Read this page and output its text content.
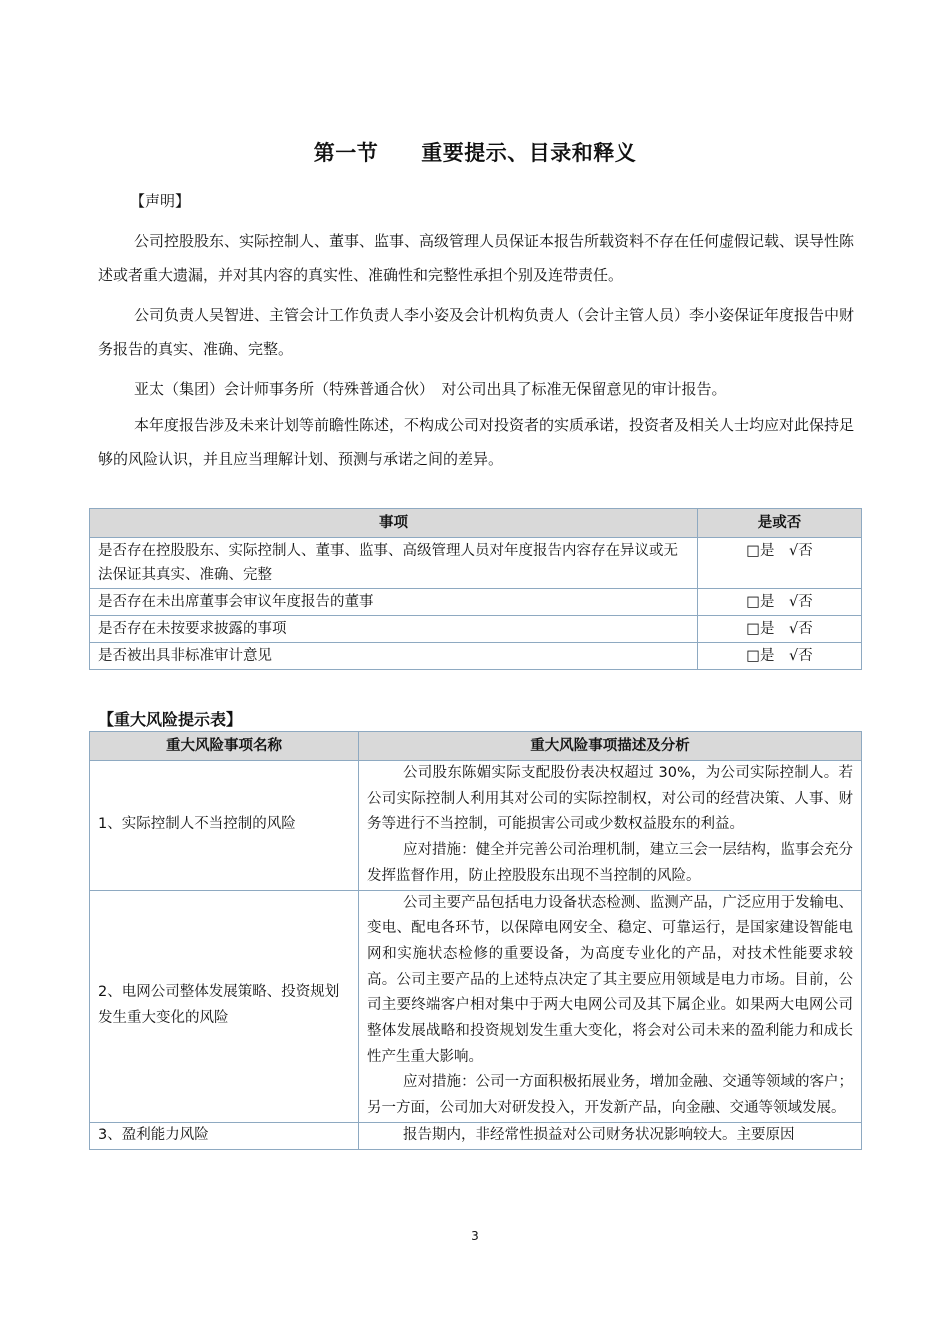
第一节　　重要提示、目录和释义
【声明】
公司控股股东、实际控制人、董事、监事、高级管理人员保证本报告所载资料不存在任何虚假记载、误导性陈述或者重大遗漏，并对其内容的真实性、准确性和完整性承担个别及连带责任。
公司负责人吴智进、主管会计工作负责人李小姿及会计机构负责人（会计主管人员）李小姿保证年度报告中财务报告的真实、准确、完整。
亚太（集团）会计师事务所（特殊普通合伙）　对公司出具了标准无保留意见的审计报告。
本年度报告涉及未来计划等前瞻性陈述，不构成公司对投资者的实质承诺，投资者及相关人士均应对此保持足够的风险认识，并且应当理解计划、预测与承诺之间的差异。
事项	是或否
是否存在控股股东、实际控制人、董事、监事、高级管理人员对年度报告内容存在异议或无法保证其真实、准确、完整	□是　√否
是否存在未出席董事会审议年度报告的董事	□是　√否
是否存在未按要求披露的事项	□是　√否
是否被出具非标准审计意见	□是　√否
【重大风险提示表】
重大风险事项名称	重大风险事项描述及分析
1、实际控制人不当控制的风险	公司股东陈媚实际支配股份表决权超过 30%，为公司实际控制人。若公司实际控制人利用其对公司的实际控制权，对公司的经营决策、人事、财务等进行不当控制，可能损害公司或少数权益股东的利益。

应对措施：健全并完善公司治理机制，建立三会一层结构，监事会充分发挥监督作用，防止控股股东出现不当控制的风险。

2、电网公司整体发展策略、投资规划发生重大变化的风险	公司主要产品包括电力设备状态检测、监测产品，广泛应用于发输电、变电、配电各环节，以保障电网安全、稳定、可靠运行，是国家建设智能电网和实施状态检修的重要设备，为高度专业化的产品，对技术性能要求较高。公司主要产品的上述特点决定了其主要应用领域是电力市场。目前，公司主要终端客户相对集中于两大电网公司及其下属企业。如果两大电网公司整体发展战略和投资规划发生重大变化，将会对公司未来的盈利能力和成长性产生重大影响。

应对措施：公司一方面积极拓展业务，增加金融、交通等领域的客户；另一方面，公司加大对研发投入，开发新产品，向金融、交通等领域发展。

3、盈利能力风险	报告期内，非经常性损益对公司财务状况影响较大。主要原因

3
